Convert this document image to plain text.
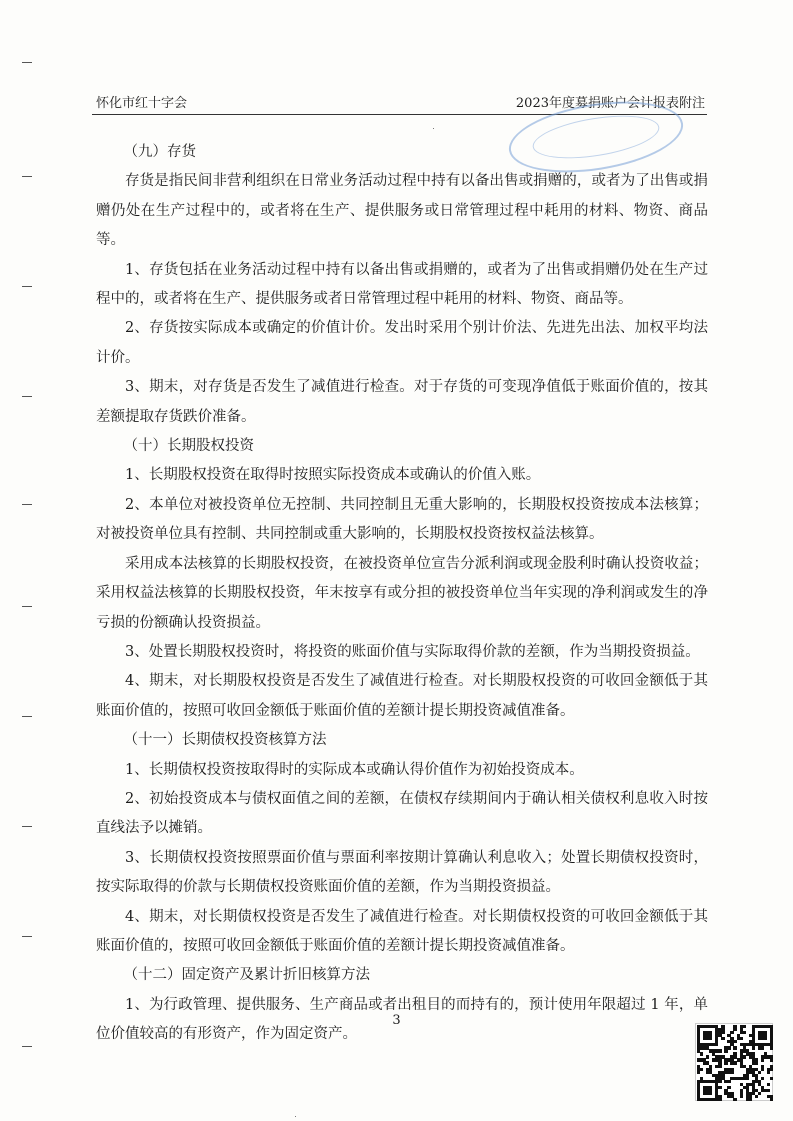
怀化市红十字会	2023年度募捐账户会计报表附注

（九）存货

存货是指民间非营利组织在日常业务活动过程中持有以备出售或捐赠的，或者为了出售或捐赠仍处在生产过程中的，或者将在生产、提供服务或日常管理过程中耗用的材料、物资、商品等。

1、存货包括在业务活动过程中持有以备出售或捐赠的，或者为了出售或捐赠仍处在生产过程中的，或者将在生产、提供服务或者日常管理过程中耗用的材料、物资、商品等。

2、存货按实际成本或确定的价值计价。发出时采用个别计价法、先进先出法、加权平均法计价。

3、期末，对存货是否发生了减值进行检查。对于存货的可变现净值低于账面价值的，按其差额提取存货跌价准备。

（十）长期股权投资

1、长期股权投资在取得时按照实际投资成本或确认的价值入账。

2、本单位对被投资单位无控制、共同控制且无重大影响的，长期股权投资按成本法核算；对被投资单位具有控制、共同控制或重大影响的，长期股权投资按权益法核算。

采用成本法核算的长期股权投资，在被投资单位宣告分派利润或现金股利时确认投资收益；采用权益法核算的长期股权投资，年末按享有或分担的被投资单位当年实现的净利润或发生的净亏损的份额确认投资损益。

3、处置长期股权投资时，将投资的账面价值与实际取得价款的差额，作为当期投资损益。

4、期末，对长期股权投资是否发生了减值进行检查。对长期股权投资的可收回金额低于其账面价值的，按照可收回金额低于账面价值的差额计提长期投资减值准备。

（十一）长期债权投资核算方法

1、长期债权投资按取得时的实际成本或确认得价值作为初始投资成本。

2、初始投资成本与债权面值之间的差额，在债权存续期间内于确认相关债权利息收入时按直线法予以摊销。

3、长期债权投资按照票面价值与票面利率按期计算确认利息收入；处置长期债权投资时，按实际取得的价款与长期债权投资账面价值的差额，作为当期投资损益。

4、期末，对长期债权投资是否发生了减值进行检查。对长期债权投资的可收回金额低于其账面价值的，按照可收回金额低于账面价值的差额计提长期投资减值准备。

（十二）固定资产及累计折旧核算方法

1、为行政管理、提供服务、生产商品或者出租目的而持有的，预计使用年限超过 1 年，单位价值较高的有形资产，作为固定资产。

3
